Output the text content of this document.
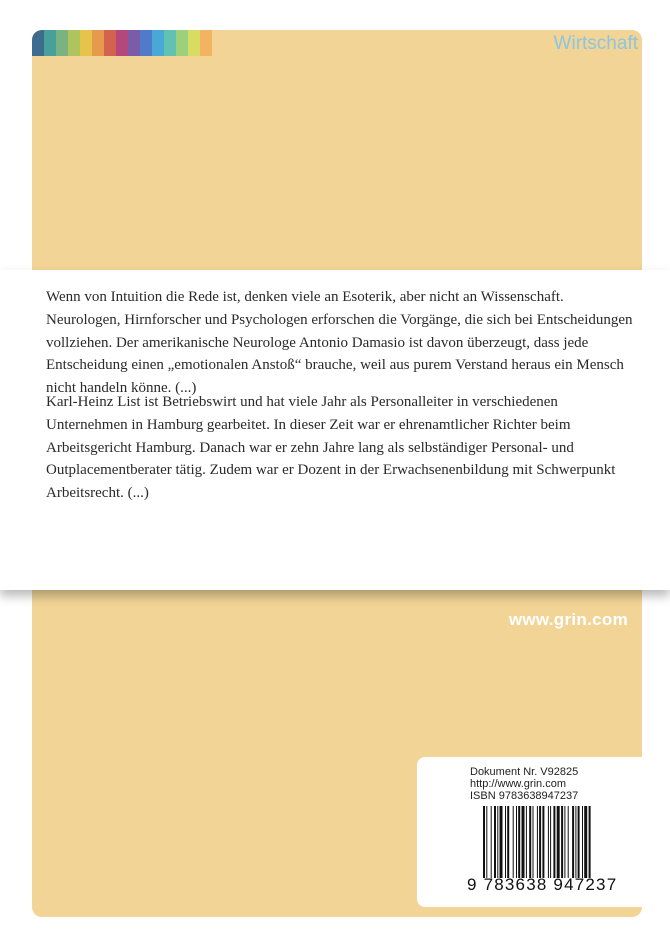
Wirtschaft

Wenn von Intuition die Rede ist, denken viele an Esoterik, aber nicht an Wissenschaft. Neurologen, Hirnforscher und Psychologen erforschen die Vorgänge, die sich bei Entscheidungen vollziehen. Der amerikanische Neurologe Antonio Damasio ist davon überzeugt, dass jede Entscheidung einen „emotionalen Anstoß“ brauche, weil aus purem Verstand heraus ein Mensch nicht handeln könne. (...)

Karl-Heinz List ist Betriebswirt und hat viele Jahr als Personalleiter in verschiedenen Unternehmen in Hamburg gearbeitet. In dieser Zeit war er ehrenamtlicher Richter beim Arbeitsgericht Hamburg. Danach war er zehn Jahre lang als selbständiger Personal- und Outplacementberater tätig. Zudem war er Dozent in der Erwachsenenbildung mit Schwerpunkt Arbeitsrecht. (...)

www.grin.com
Dokument Nr. V92825
http://www.grin.com
ISBN 9783638947237
9 783638 947237
